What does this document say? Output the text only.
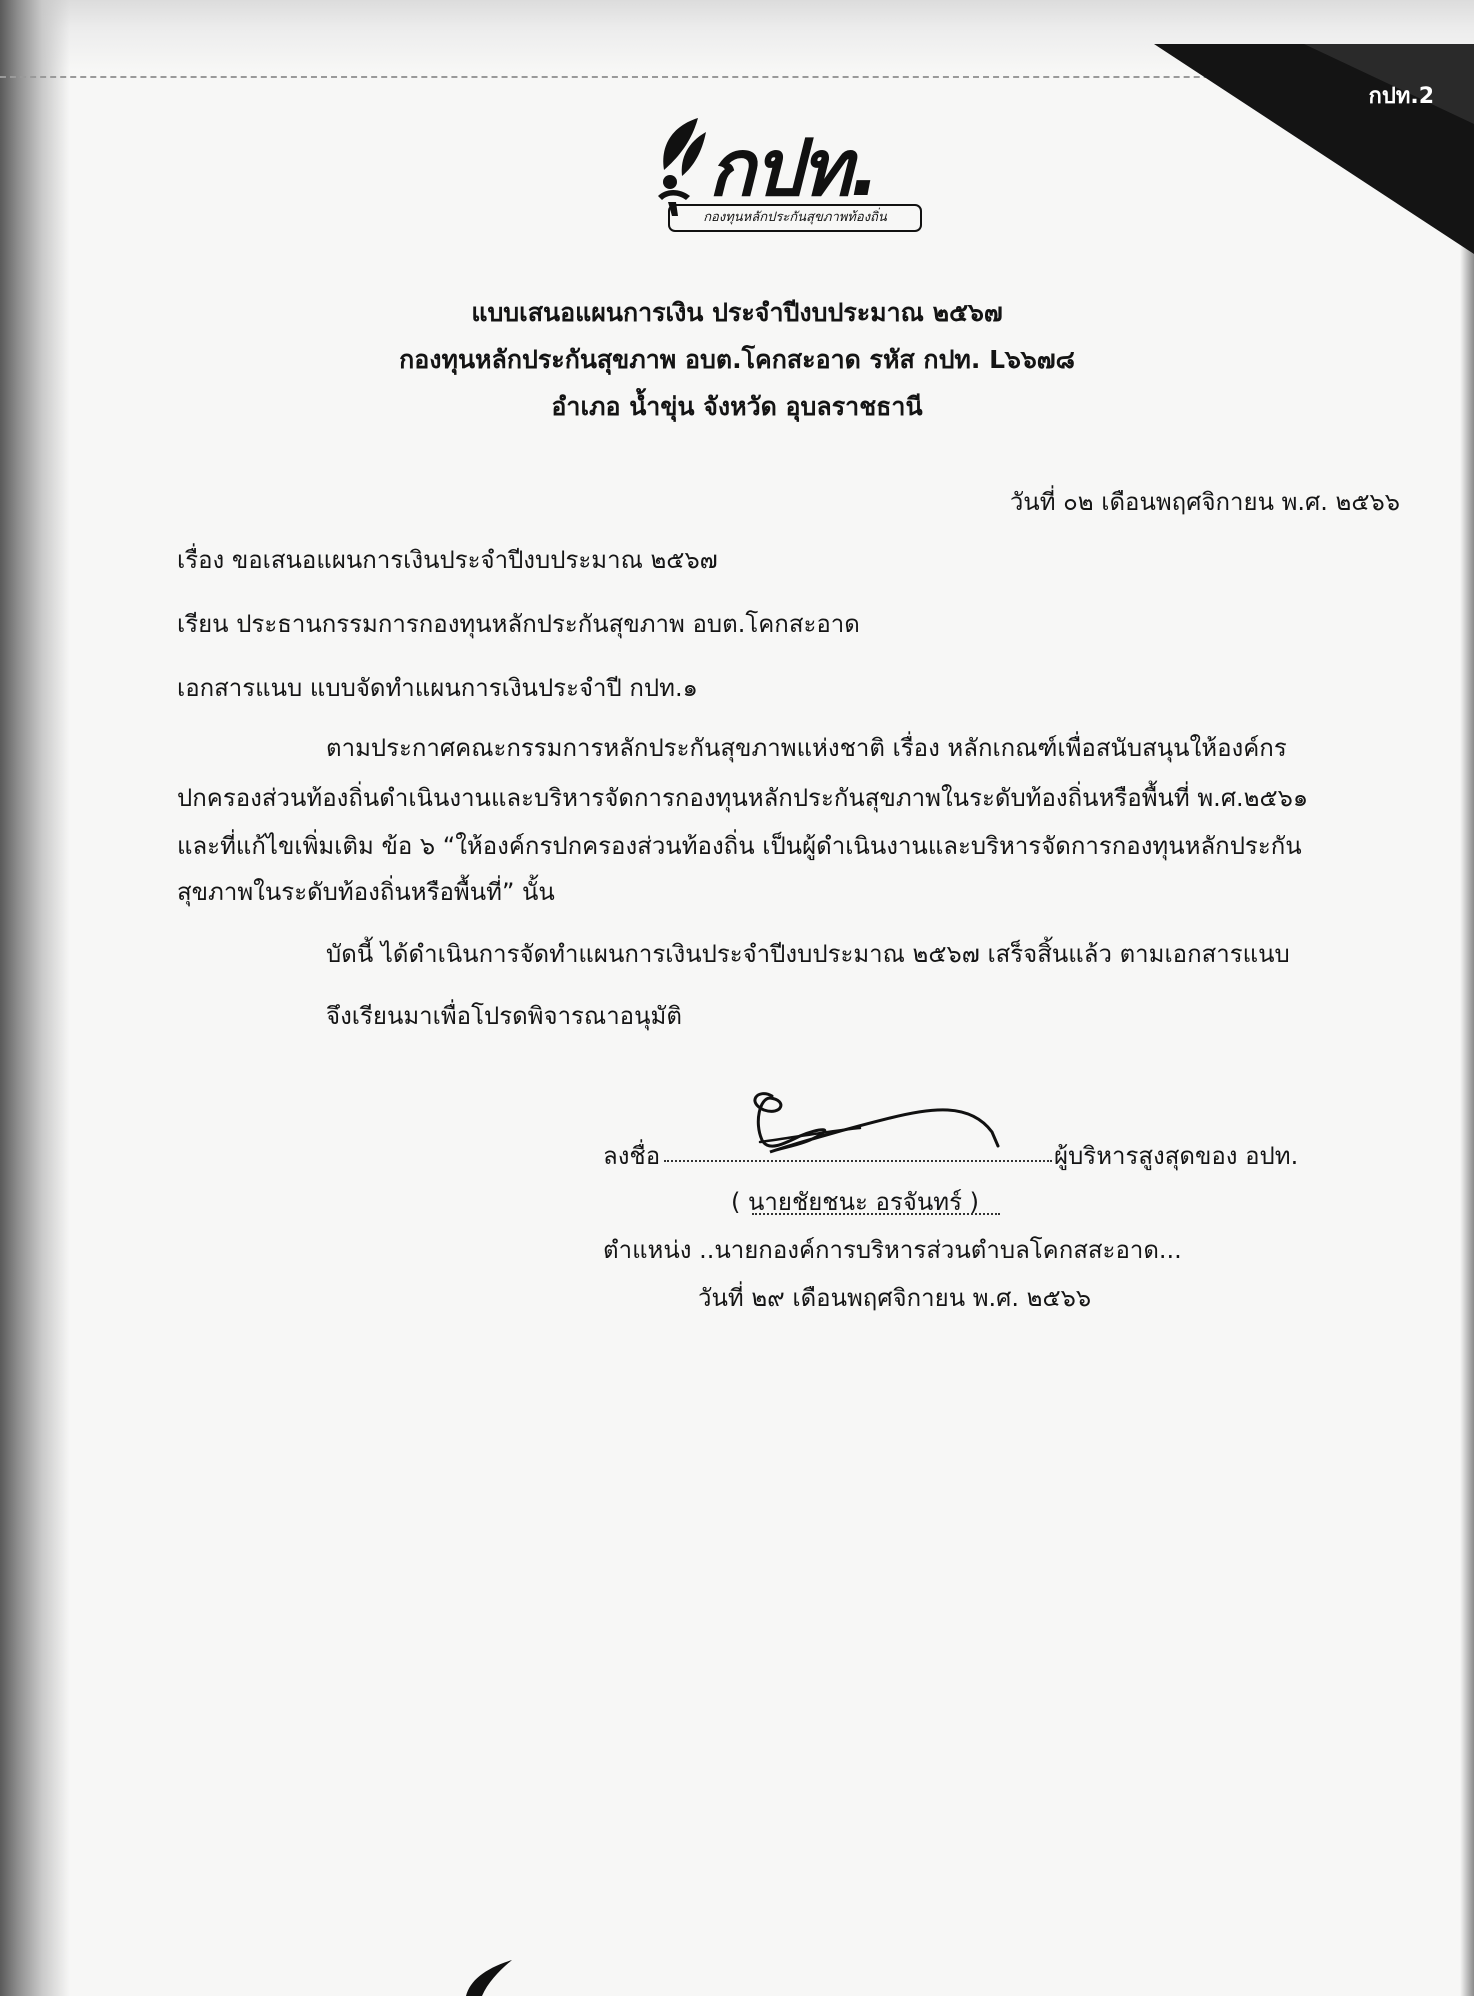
กปท.2
กปท.
กองทุนหลักประกันสุขภาพท้องถิ่น
แบบเสนอแผนการเงิน ประจำปีงบประมาณ ๒๕๖๗
กองทุนหลักประกันสุขภาพ อบต.โคกสะอาด รหัส กปท. L๖๖๗๘
อำเภอ น้ำขุ่น จังหวัด อุบลราชธานี
วันที่ ๐๒ เดือนพฤศจิกายน พ.ศ. ๒๕๖๖
เรื่อง ขอเสนอแผนการเงินประจำปีงบประมาณ ๒๕๖๗
เรียน ประธานกรรมการกองทุนหลักประกันสุขภาพ อบต.โคกสะอาด
เอกสารแนบ แบบจัดทำแผนการเงินประจำปี กปท.๑
ตามประกาศคณะกรรมการหลักประกันสุขภาพแห่งชาติ เรื่อง หลักเกณฑ์เพื่อสนับสนุนให้องค์กร
ปกครองส่วนท้องถิ่นดำเนินงานและบริหารจัดการกองทุนหลักประกันสุขภาพในระดับท้องถิ่นหรือพื้นที่ พ.ศ.๒๕๖๑
และที่แก้ไขเพิ่มเติม ข้อ ๖ “ให้องค์กรปกครองส่วนท้องถิ่น เป็นผู้ดำเนินงานและบริหารจัดการกองทุนหลักประกัน
สุขภาพในระดับท้องถิ่นหรือพื้นที่” นั้น
บัดนี้ ได้ดำเนินการจัดทำแผนการเงินประจำปีงบประมาณ ๒๕๖๗ เสร็จสิ้นแล้ว ตามเอกสารแนบ
จึงเรียนมาเพื่อโปรดพิจารณาอนุมัติ
ลงชื่อ	ผู้บริหารสูงสุดของ อปท.
( นายชัยชนะ อรจันทร์ )
ตำแหน่ง ..นายกองค์การบริหารส่วนตำบลโคกสสะอาด...
วันที่ ๒๙ เดือนพฤศจิกายน พ.ศ. ๒๕๖๖
